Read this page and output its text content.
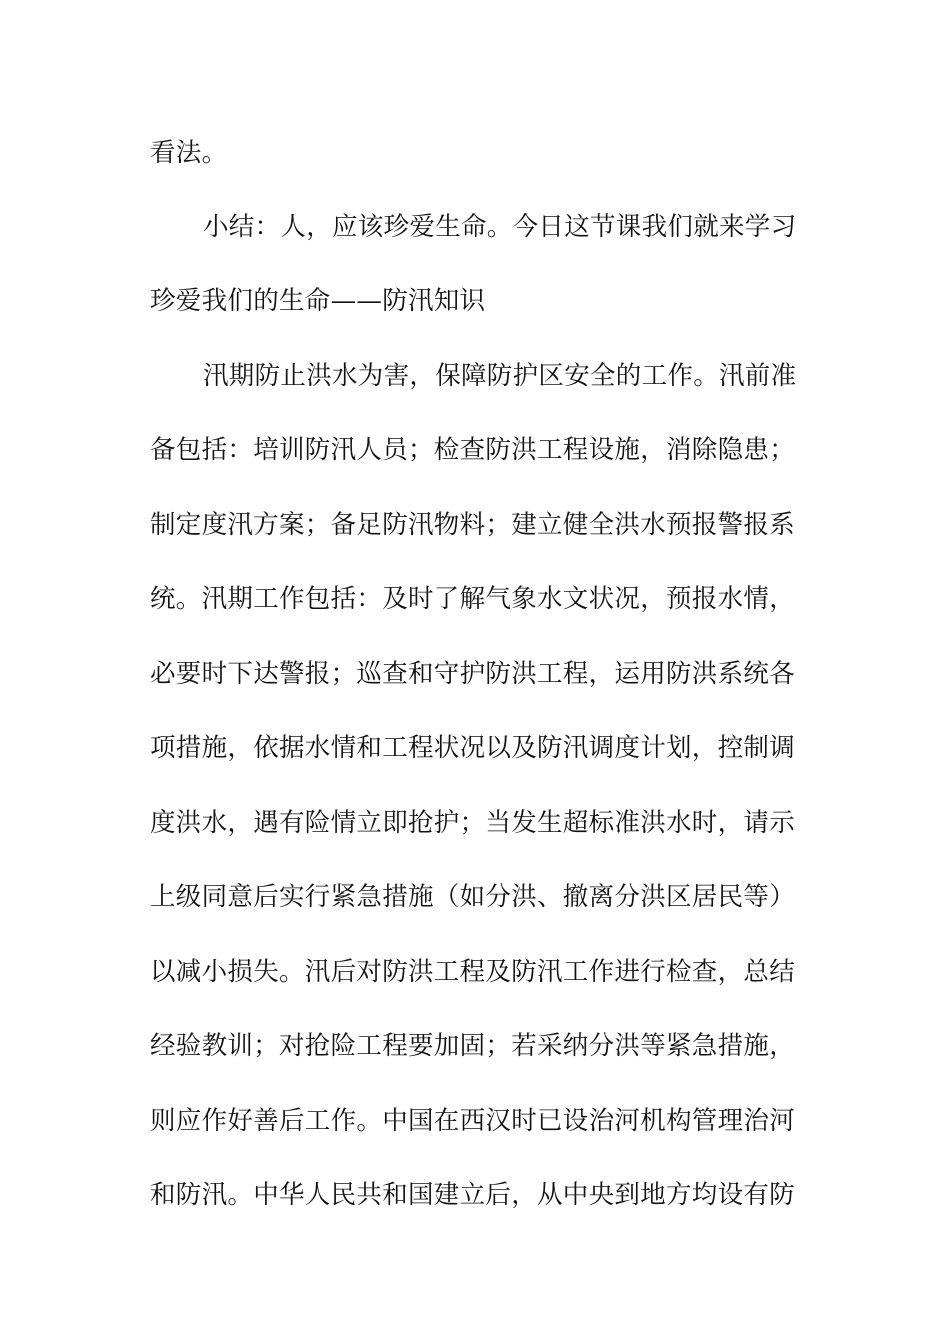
看法。
小结：人，应该珍爱生命。今日这节课我们就来学习
珍爱我们的生命——防汛知识
汛期防止洪水为害，保障防护区安全的工作。汛前准
备包括：培训防汛人员；检查防洪工程设施，消除隐患；
制定度汛方案；备足防汛物料；建立健全洪水预报警报系
统。汛期工作包括：及时了解气象水文状况，预报水情，
必要时下达警报；巡查和守护防洪工程，运用防洪系统各
项措施，依据水情和工程状况以及防汛调度计划，控制调
度洪水，遇有险情立即抢护；当发生超标准洪水时，请示
上级同意后实行紧急措施（如分洪、撤离分洪区居民等）
以减小损失。汛后对防洪工程及防汛工作进行检查，总结
经验教训；对抢险工程要加固；若采纳分洪等紧急措施，
则应作好善后工作。中国在西汉时已设治河机构管理治河
和防汛。中华人民共和国建立后，从中央到地方均设有防
